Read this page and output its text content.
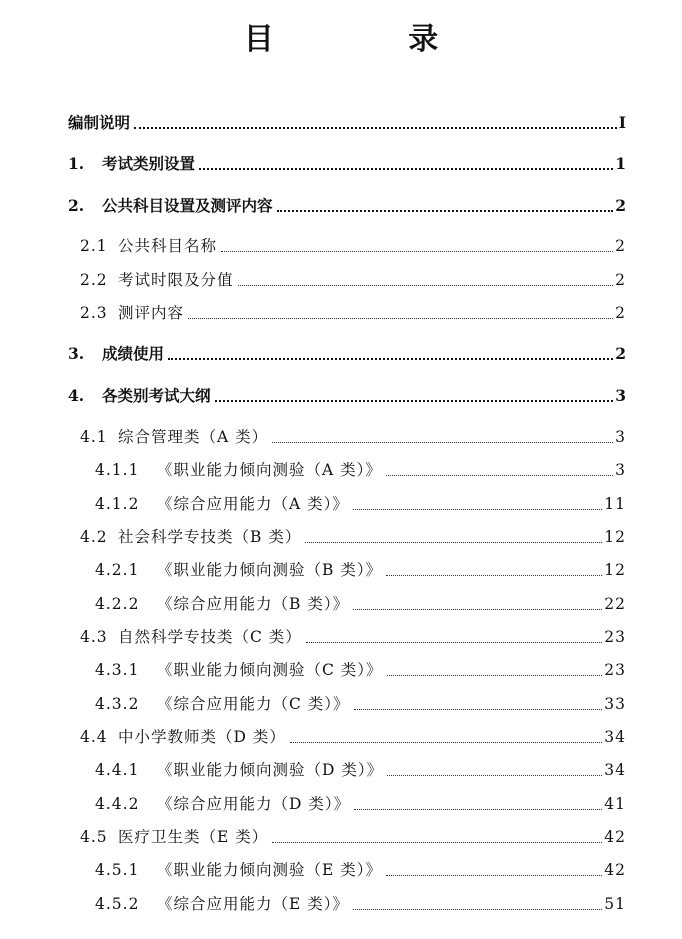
目 录
编制说明	I
1.	考试类别设置	1
2.	公共科目设置及测评内容	2
2.1 公共科目名称	2
2.2 考试时限及分值	2
2.3 测评内容	2
3.	成绩使用	2
4.	各类别考试大纲	3
4.1 综合管理类（A 类）	3
4.1.1	《职业能力倾向测验（A 类）》	3
4.1.2	《综合应用能力（A 类）》	11
4.2 社会科学专技类（B 类）	12
4.2.1	《职业能力倾向测验（B 类）》	12
4.2.2	《综合应用能力（B 类）》	22
4.3 自然科学专技类（C 类）	23
4.3.1	《职业能力倾向测验（C 类）》	23
4.3.2	《综合应用能力（C 类）》	33
4.4 中小学教师类（D 类）	34
4.4.1	《职业能力倾向测验（D 类）》	34
4.4.2	《综合应用能力（D 类）》	41
4.5 医疗卫生类（E 类）	42
4.5.1	《职业能力倾向测验（E 类）》	42
4.5.2	《综合应用能力（E 类）》	51
